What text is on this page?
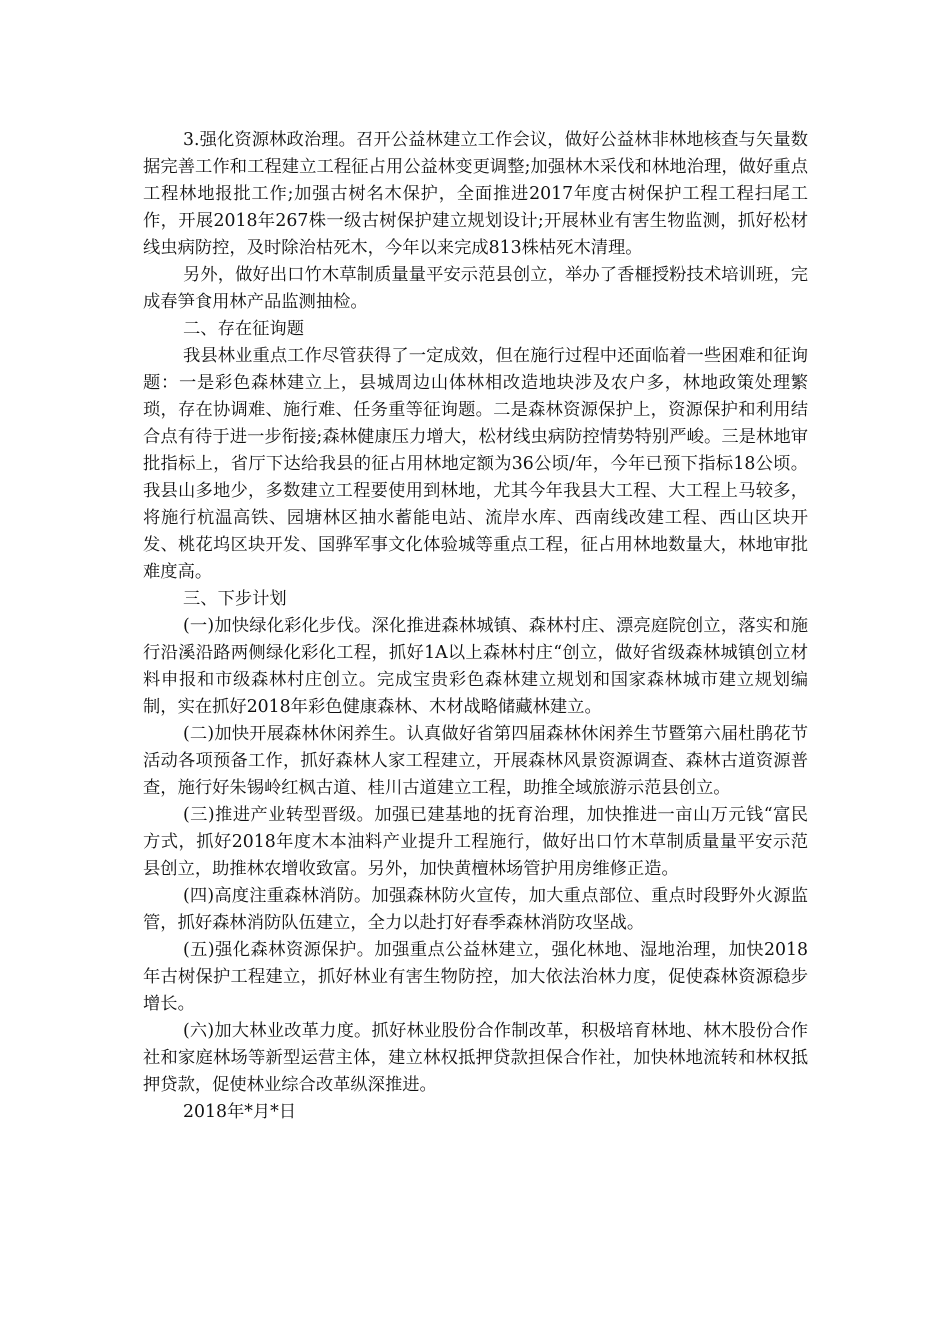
3.强化资源林政治理。召开公益林建立工作会议，做好公益林非林地核查与矢量数据完善工作和工程建立工程征占用公益林变更调整;加强林木采伐和林地治理，做好重点工程林地报批工作;加强古树名木保护，全面推进2017年度古树保护工程工程扫尾工作，开展2018年267株一级古树保护建立规划设计;开展林业有害生物监测，抓好松材线虫病防控，及时除治枯死木，今年以来完成813株枯死木清理。

另外，做好出口竹木草制质量量平安示范县创立，举办了香榧授粉技术培训班，完成春笋食用林产品监测抽检。

二、存在征询题

我县林业重点工作尽管获得了一定成效，但在施行过程中还面临着一些困难和征询题：一是彩色森林建立上，县城周边山体林相改造地块涉及农户多，林地政策处理繁琐，存在协调难、施行难、任务重等征询题。二是森林资源保护上，资源保护和利用结合点有待于进一步衔接;森林健康压力增大，松材线虫病防控情势特别严峻。三是林地审批指标上，省厅下达给我县的征占用林地定额为36公顷/年，今年已预下指标18公顷。我县山多地少，多数建立工程要使用到林地，尤其今年我县大工程、大工程上马较多，将施行杭温高铁、园塘林区抽水蓄能电站、流岸水库、西南线改建工程、西山区块开发、桃花坞区块开发、国骅军事文化体验城等重点工程，征占用林地数量大，林地审批难度高。

三、下步计划

(一)加快绿化彩化步伐。深化推进森林城镇、森林村庄、漂亮庭院创立，落实和施行沿溪沿路两侧绿化彩化工程，抓好1A以上森林村庄“创立，做好省级森林城镇创立材料申报和市级森林村庄创立。完成宝贵彩色森林建立规划和国家森林城市建立规划编制，实在抓好2018年彩色健康森林、木材战略储藏林建立。

(二)加快开展森林休闲养生。认真做好省第四届森林休闲养生节暨第六届杜鹃花节活动各项预备工作，抓好森林人家工程建立，开展森林风景资源调查、森林古道资源普查，施行好朱锡岭红枫古道、桂川古道建立工程，助推全域旅游示范县创立。

(三)推进产业转型晋级。加强已建基地的抚育治理，加快推进一亩山万元钱“富民方式，抓好2018年度木本油料产业提升工程施行，做好出口竹木草制质量量平安示范县创立，助推林农增收致富。另外，加快黄檀林场管护用房维修正造。

(四)高度注重森林消防。加强森林防火宣传，加大重点部位、重点时段野外火源监管，抓好森林消防队伍建立，全力以赴打好春季森林消防攻坚战。

(五)强化森林资源保护。加强重点公益林建立，强化林地、湿地治理，加快2018年古树保护工程建立，抓好林业有害生物防控，加大依法治林力度，促使森林资源稳步增长。

(六)加大林业改革力度。抓好林业股份合作制改革，积极培育林地、林木股份合作社和家庭林场等新型运营主体，建立林权抵押贷款担保合作社，加快林地流转和林权抵押贷款，促使林业综合改革纵深推进。

2018年*月*日
